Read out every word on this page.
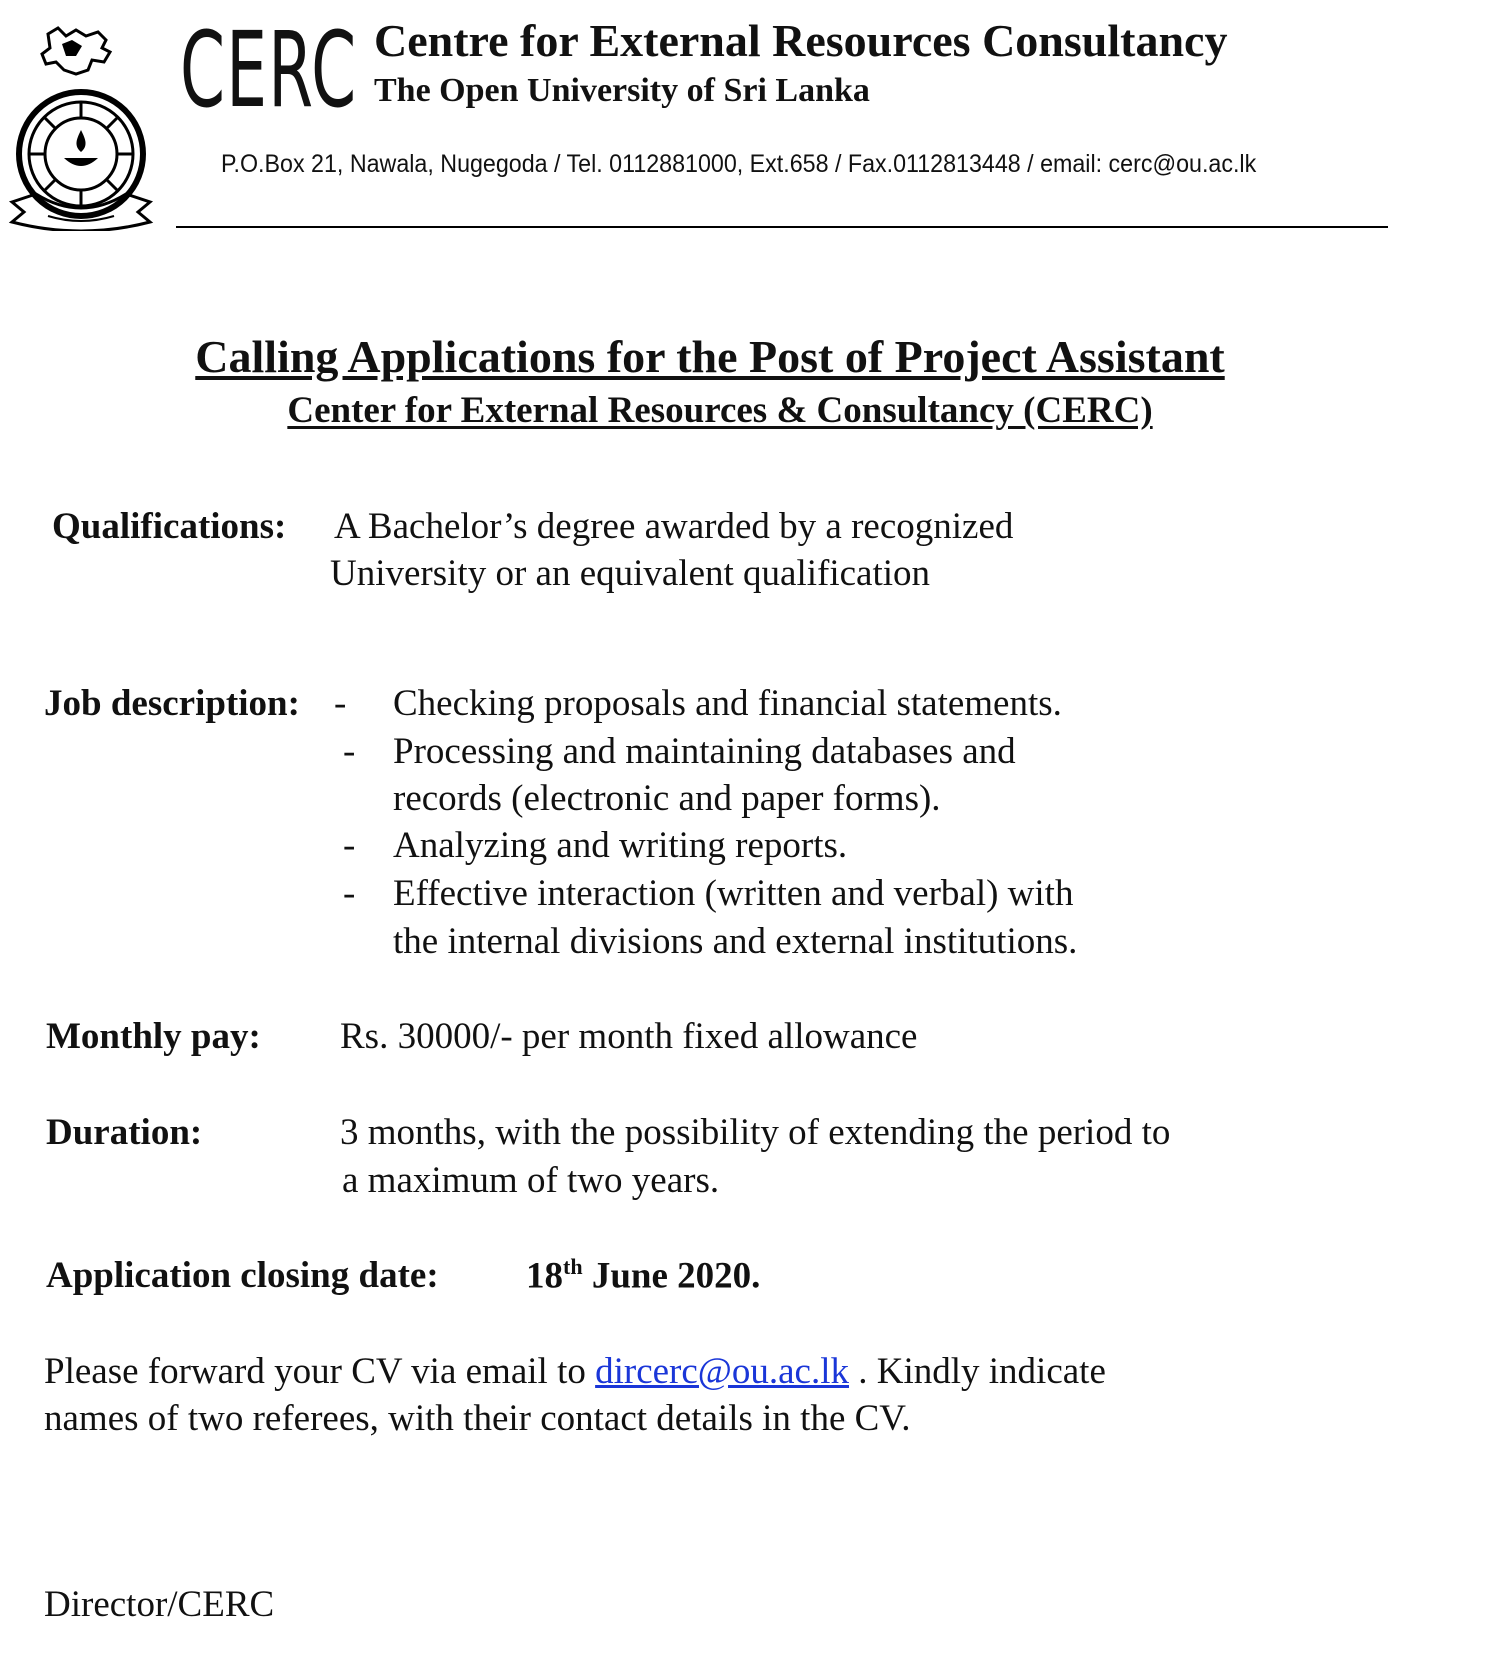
CERC Centre for External Resources Consultancy
The Open University of Sri Lanka
P.O.Box 21, Nawala, Nugegoda / Tel. 0112881000, Ext.658 / Fax.0112813448 / email: cerc@ou.ac.lk
Calling Applications for the Post of Project Assistant
Center for External Resources & Consultancy (CERC)
Qualifications: A Bachelor’s degree awarded by a recognized
University or an equivalent qualification
Job description: - Checking proposals and financial statements.
- Processing and maintaining databases and
records (electronic and paper forms).
- Analyzing and writing reports.
- Effective interaction (written and verbal) with
the internal divisions and external institutions.
Monthly pay: Rs. 30000/- per month fixed allowance
Duration:	3 months, with the possibility of extending the period to
a maximum of two years.
Application closing date: 18th June 2020.
Please forward your CV via email to dircerc@ou.ac.lk . Kindly indicate
names of two referees, with their contact details in the CV.
Director/CERC
